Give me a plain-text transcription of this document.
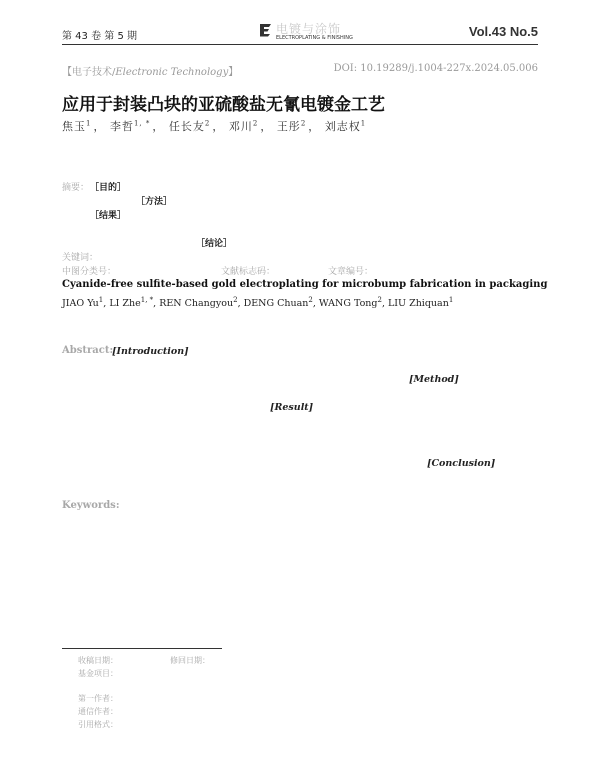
第 43 卷 第 5 期
电镀与涂饰
ELECTROPLATING & FINISHING	Vol.43 No.5
【电子技术/Electronic Technology】	DOI: 10.19289/j.1004-227x.2024.05.006
应用于封装凸块的亚硫酸盐无氰电镀金工艺
焦玉$^1$ ， 李哲$^{1, *}$ ， 任长友$^2$ ， 邓川$^2$ ， 王彤$^2$ ， 刘志权$^1$
摘要： ［目的］
［方法］
［结果］
［结论］
关键词：
中图分类号：	文献标志码：	文章编号：
Cyanide-free sulfite-based gold electroplating for microbump fabrication in packaging
JIAO Yu$^1$, LI Zhe$^{1, *}$, REN Changyou$^2$, DENG Chuan$^2$, WANG Tong$^2$, LIU Zhiquan$^1$
Abstract:
[Introduction]
[Method]
[Result]
[Conclusion]
Keywords:
收稿日期：	修回日期：
基金项目：
第一作者：
通信作者：
引用格式：
